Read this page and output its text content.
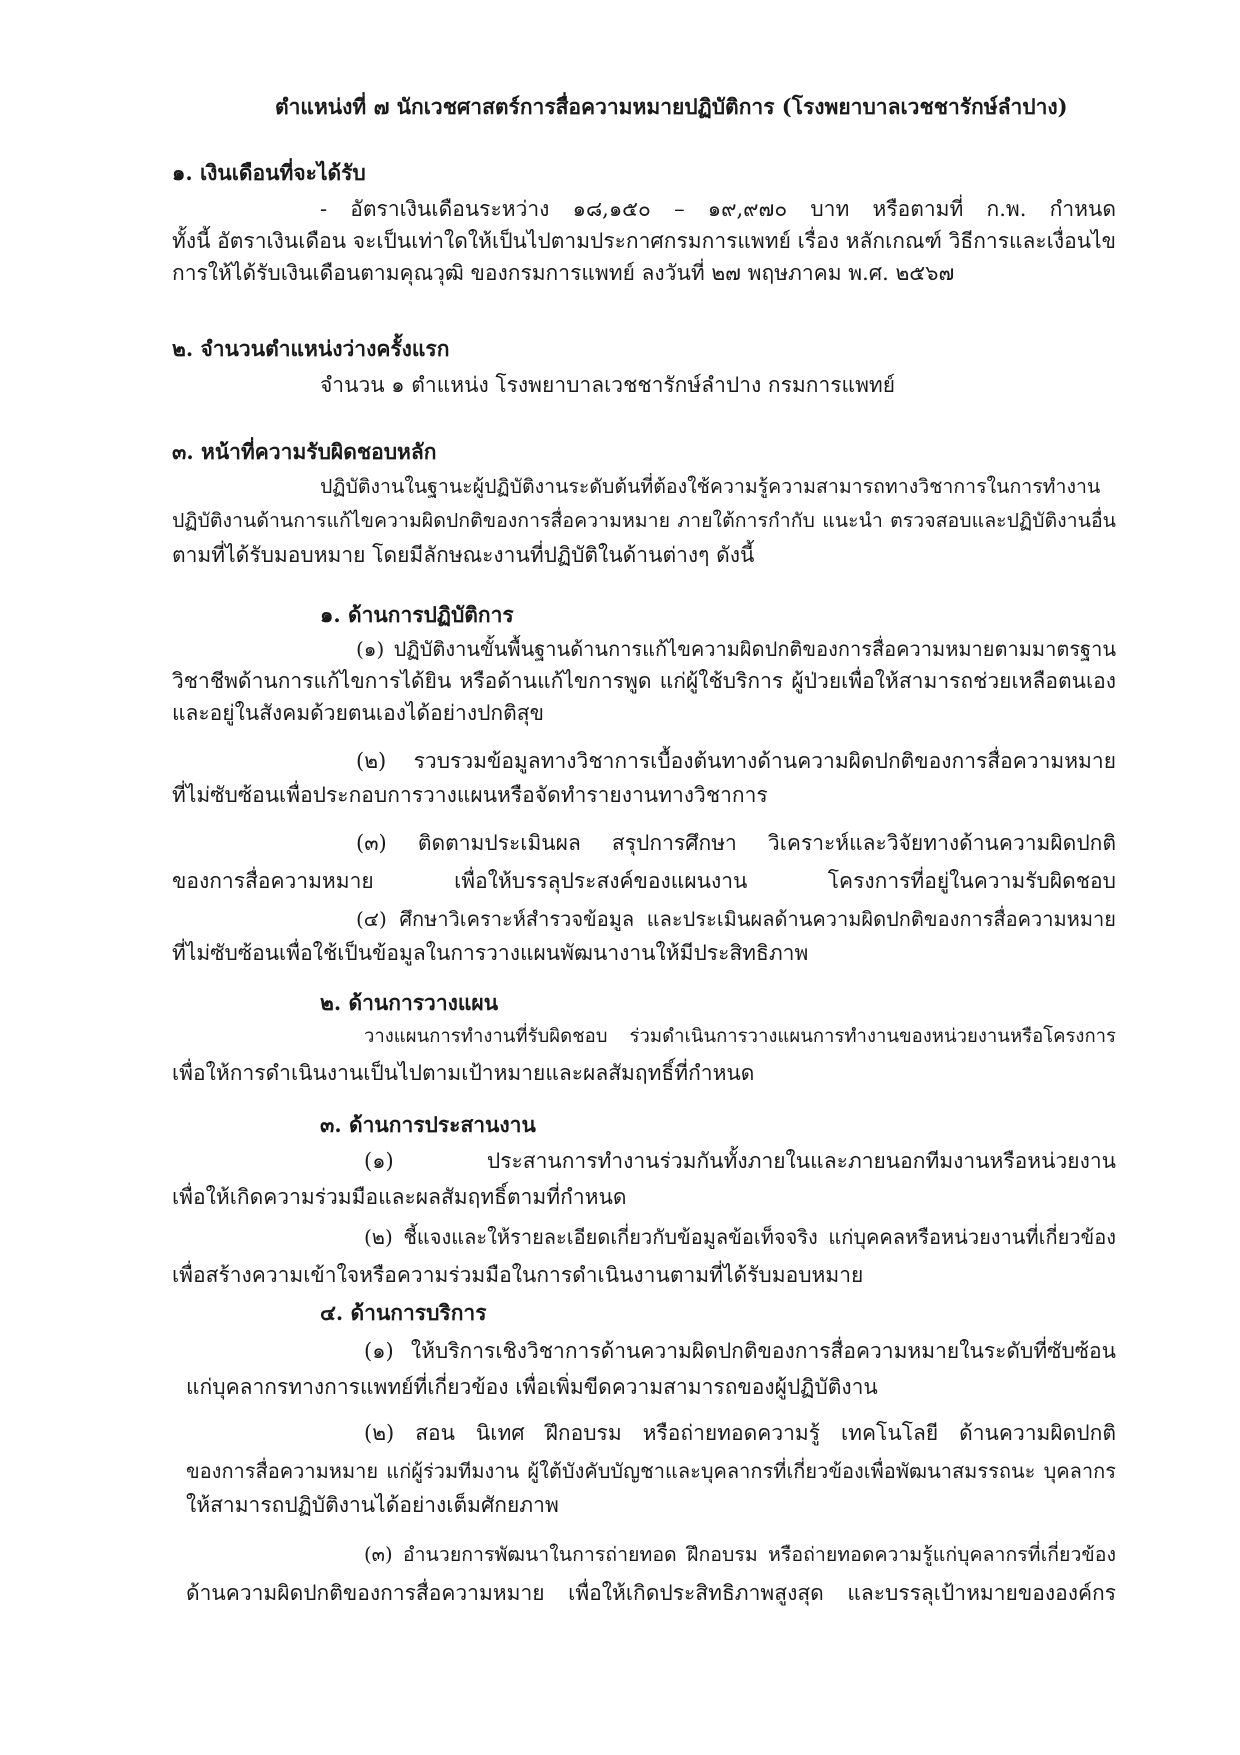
ตำแหน่งที่ ๗ นักเวชศาสตร์การสื่อความหมายปฏิบัติการ (โรงพยาบาลเวชชารักษ์ลำปาง)
๑. เงินเดือนที่จะได้รับ
- อัตราเงินเดือนระหว่าง ๑๘,๑๕๐ – ๑๙,๙๗๐ บาท หรือตามที่ ก.พ. กำหนด
ทั้งนี้ อัตราเงินเดือน จะเป็นเท่าใดให้เป็นไปตามประกาศกรมการแพทย์ เรื่อง หลักเกณฑ์ วิธีการและเงื่อนไข
การให้ได้รับเงินเดือนตามคุณวุฒิ ของกรมการแพทย์ ลงวันที่ ๒๗ พฤษภาคม พ.ศ. ๒๕๖๗
๒. จำนวนตำแหน่งว่างครั้งแรก
จำนวน ๑ ตำแหน่ง โรงพยาบาลเวชชารักษ์ลำปาง กรมการแพทย์
๓. หน้าที่ความรับผิดชอบหลัก
ปฏิบัติงานในฐานะผู้ปฏิบัติงานระดับต้นที่ต้องใช้ความรู้ความสามารถทางวิชาการในการทำงาน
ปฏิบัติงานด้านการแก้ไขความผิดปกติของการสื่อความหมาย ภายใต้การกำกับ แนะนำ ตรวจสอบและปฏิบัติงานอื่น
ตามที่ได้รับมอบหมาย โดยมีลักษณะงานที่ปฏิบัติในด้านต่างๆ ดังนี้
๑. ด้านการปฏิบัติการ
(๑) ปฏิบัติงานขั้นพื้นฐานด้านการแก้ไขความผิดปกติของการสื่อความหมายตามมาตรฐาน
วิชาชีพด้านการแก้ไขการได้ยิน หรือด้านแก้ไขการพูด แก่ผู้ใช้บริการ ผู้ป่วยเพื่อให้สามารถช่วยเหลือตนเอง
และอยู่ในสังคมด้วยตนเองได้อย่างปกติสุข
(๒) รวบรวมข้อมูลทางวิชาการเบื้องต้นทางด้านความผิดปกติของการสื่อความหมาย
ที่ไม่ซับซ้อนเพื่อประกอบการวางแผนหรือจัดทำรายงานทางวิชาการ
(๓) ติดตามประเมินผล สรุปการศึกษา วิเคราะห์และวิจัยทางด้านความผิดปกติ
ของการสื่อความหมาย เพื่อให้บรรลุประสงค์ของแผนงาน โครงการที่อยู่ในความรับผิดชอบ
(๔) ศึกษาวิเคราะห์สำรวจข้อมูล และประเมินผลด้านความผิดปกติของการสื่อความหมาย
ที่ไม่ซับซ้อนเพื่อใช้เป็นข้อมูลในการวางแผนพัฒนางานให้มีประสิทธิภาพ
๒. ด้านการวางแผน
วางแผนการทำงานที่รับผิดชอบ ร่วมดำเนินการวางแผนการทำงานของหน่วยงานหรือโครงการ
เพื่อให้การดำเนินงานเป็นไปตามเป้าหมายและผลสัมฤทธิ์ที่กำหนด
๓. ด้านการประสานงาน
(๑) ประสานการทำงานร่วมกันทั้งภายในและภายนอกทีมงานหรือหน่วยงาน
เพื่อให้เกิดความร่วมมือและผลสัมฤทธิ์ตามที่กำหนด
(๒) ชี้แจงและให้รายละเอียดเกี่ยวกับข้อมูลข้อเท็จจริง แก่บุคคลหรือหน่วยงานที่เกี่ยวข้อง
เพื่อสร้างความเข้าใจหรือความร่วมมือในการดำเนินงานตามที่ได้รับมอบหมาย
๔. ด้านการบริการ
(๑) ให้บริการเชิงวิชาการด้านความผิดปกติของการสื่อความหมายในระดับที่ซับซ้อน
แก่บุคลากรทางการแพทย์ที่เกี่ยวข้อง เพื่อเพิ่มขีดความสามารถของผู้ปฏิบัติงาน
(๒) สอน นิเทศ ฝึกอบรม หรือถ่ายทอดความรู้ เทคโนโลยี ด้านความผิดปกติ
ของการสื่อความหมาย แก่ผู้ร่วมทีมงาน ผู้ใต้บังคับบัญชาและบุคลากรที่เกี่ยวข้องเพื่อพัฒนาสมรรถนะ บุคลากร
ให้สามารถปฏิบัติงานได้อย่างเต็มศักยภาพ
(๓) อำนวยการพัฒนาในการถ่ายทอด ฝึกอบรม หรือถ่ายทอดความรู้แก่บุคลากรที่เกี่ยวข้อง
ด้านความผิดปกติของการสื่อความหมาย เพื่อให้เกิดประสิทธิภาพสูงสุด และบรรลุเป้าหมายขององค์กร
